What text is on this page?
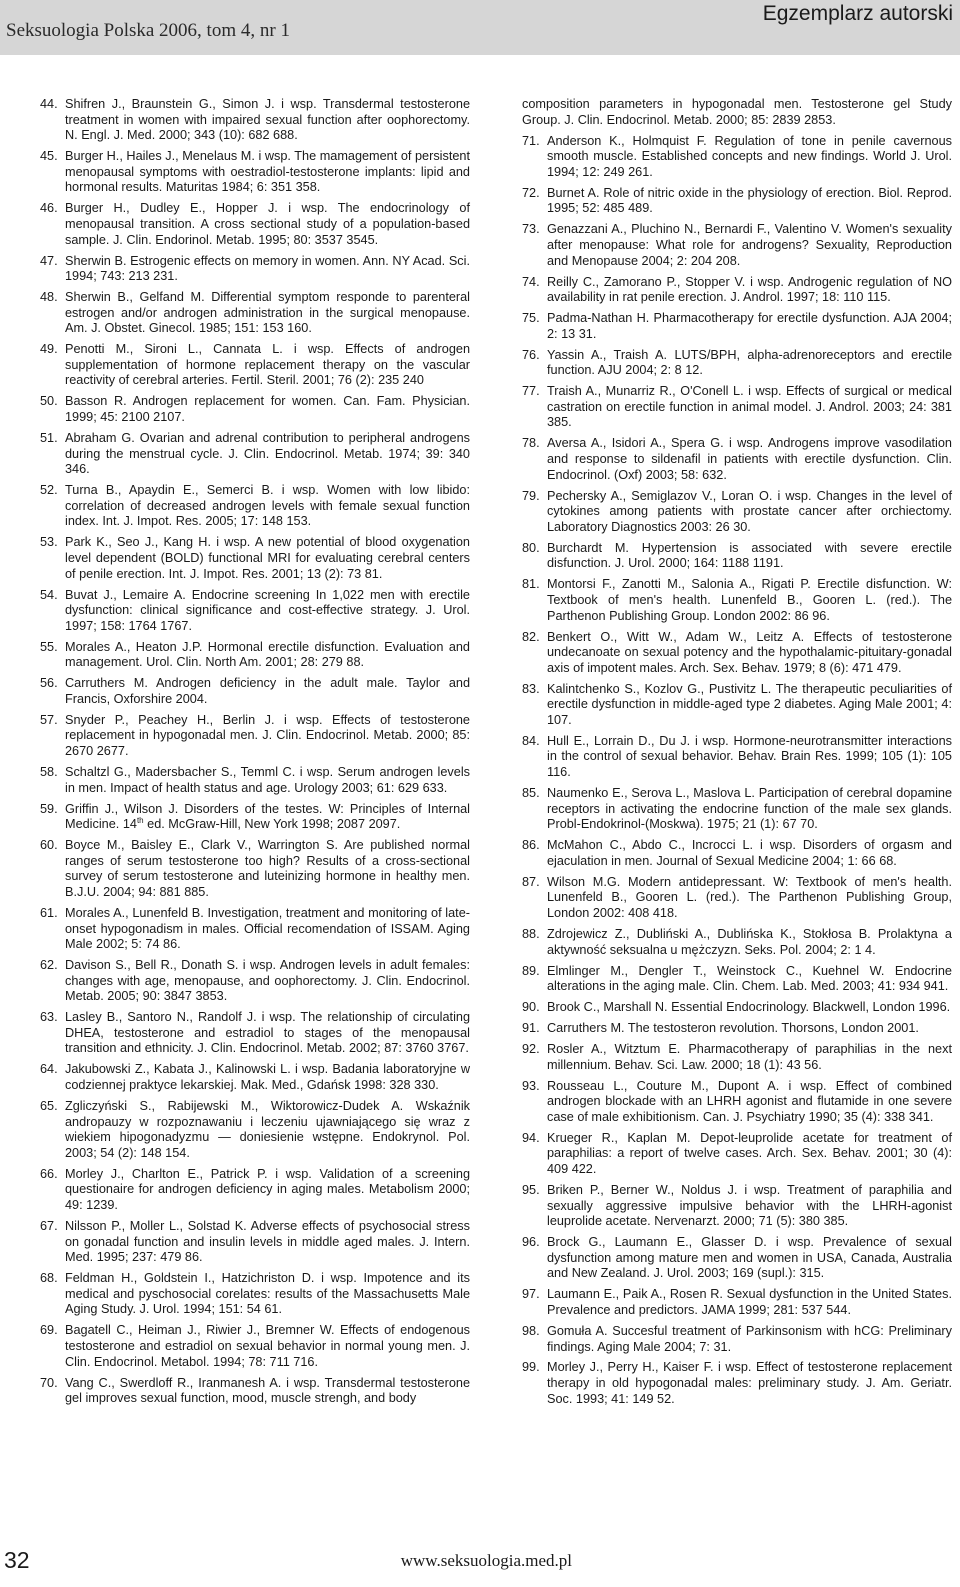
Seksuologia Polska 2006, tom 4, nr 1
Egzemplarz autorski
44. Shifren J., Braunstein G., Simon J. i wsp. Transdermal testosterone treatment in women with impaired sexual function after oophorectomy. N. Engl. J. Med. 2000; 343 (10): 682 688.
45. Burger H., Hailes J., Menelaus M. i wsp. The mamagement of persistent menopausal symptoms with oestradiol-testosterone implants: lipid and hormonal results. Maturitas 1984; 6: 351 358.
46. Burger H., Dudley E., Hopper J. i wsp. The endocrinology of menopausal transition. A cross sectional study of a population-based sample. J. Clin. Endorinol. Metab. 1995; 80: 3537 3545.
47. Sherwin B. Estrogenic effects on memory in women. Ann. NY Acad. Sci. 1994; 743: 213 231.
48. Sherwin B., Gelfand M. Differential symptom responde to parenteral estrogen and/or androgen administration in the surgical menopause. Am. J. Obstet. Ginecol. 1985; 151: 153 160.
49. Penotti M., Sironi L., Cannata L. i wsp. Effects of androgen supplementation of hormone replacement therapy on the vascular reactivity of cerebral arteries. Fertil. Steril. 2001; 76 (2): 235 240
50. Basson R. Androgen replacement for women. Can. Fam. Physician. 1999; 45: 2100 2107.
51. Abraham G. Ovarian and adrenal contribution to peripheral androgens during the menstrual cycle. J. Clin. Endocrinol. Metab. 1974; 39: 340 346.
52. Turna B., Apaydin E., Semerci B. i wsp. Women with low libido: correlation of decreased androgen levels with female sexual function index. Int. J. Impot. Res. 2005; 17: 148 153.
53. Park K., Seo J., Kang H. i wsp. A new potential of blood oxygenation level dependent (BOLD) functional MRI for evaluating cerebral centers of penile erection. Int. J. Impot. Res. 2001; 13 (2): 73 81.
54. Buvat J., Lemaire A. Endocrine screening In 1,022 men with erectile dysfunction: clinical significance and cost-effective strategy. J. Urol. 1997; 158: 1764 1767.
55. Morales A., Heaton J.P. Hormonal erectile disfunction. Evaluation and management. Urol. Clin. North Am. 2001; 28: 279 88.
56. Carruthers M. Androgen deficiency in the adult male. Taylor and Francis, Oxforshire 2004.
57. Snyder P., Peachey H., Berlin J. i wsp. Effects of testosterone replacement in hypogonadal men. J. Clin. Endocrinol. Metab. 2000; 85: 2670 2677.
58. Schaltzl G., Madersbacher S., Temml C. i wsp. Serum androgen levels in men. Impact of health status and age. Urology 2003; 61: 629 633.
59. Griffin J., Wilson J. Disorders of the testes. W: Principles of Internal Medicine. 14th ed. McGraw-Hill, New York 1998; 2087 2097.
60. Boyce M., Baisley E., Clark V., Warrington S. Are published normal ranges of serum testosterone too high? Results of a cross-sectional survey of serum testosterone and luteinizing hormone in healthy men. B.J.U. 2004; 94: 881 885.
61. Morales A., Lunenfeld B. Investigation, treatment and monitoring of late-onset hypogonadism in males. Official recomendation of ISSAM. Aging Male 2002; 5: 74 86.
62. Davison S., Bell R., Donath S. i wsp. Androgen levels in adult females: changes with age, menopause, and oophorectomy. J. Clin. Endocrinol. Metab. 2005; 90: 3847 3853.
63. Lasley B., Santoro N., Randolf J. i wsp. The relationship of circulating DHEA, testosterone and estradiol to stages of the menopausal transition and ethnicity. J. Clin. Endocrinol. Metab. 2002; 87: 3760 3767.
64. Jakubowski Z., Kabata J., Kalinowski L. i wsp. Badania laboratoryjne w codziennej praktyce lekarskiej. Mak. Med., Gdańsk 1998: 328 330.
65. Zgliczyński S., Rabijewski M., Wiktorowicz-Dudek A. Wskaźnik andropauzy w rozpoznawaniu i leczeniu ujawniającego się wraz z wiekiem hipogonadyzmu — doniesienie wstępne. Endokrynol. Pol. 2003; 54 (2): 148 154.
66. Morley J., Charlton E., Patrick P. i wsp. Validation of a screening questionaire for androgen deficiency in aging males. Metabolism 2000; 49: 1239.
67. Nilsson P., Moller L., Solstad K. Adverse effects of psychosocial stress on gonadal function and insulin levels in middle aged males. J. Intern. Med. 1995; 237: 479 86.
68. Feldman H., Goldstein I., Hatzichriston D. i wsp. Impotence and its medical and pyschosocial corelates: results of the Massachusetts Male Aging Study. J. Urol. 1994; 151: 54 61.
69. Bagatell C., Heiman J., Riwier J., Bremner W. Effects of endogenous testosterone and estradiol on sexual behavior in normal young men. J. Clin. Endocrinol. Metabol. 1994; 78: 711 716.
70. Vang C., Swerdloff R., Iranmanesh A. i wsp. Transdermal testosterone gel improves sexual function, mood, muscle strengh, and body
composition parameters in hypogonadal men. Testosterone gel Study Group. J. Clin. Endocrinol. Metab. 2000; 85: 2839 2853.
71. Anderson K., Holmquist F. Regulation of tone in penile cavernous smooth muscle. Established concepts and new findings. World J. Urol. 1994; 12: 249 261.
72. Burnet A. Role of nitric oxide in the physiology of erection. Biol. Reprod. 1995; 52: 485 489.
73. Genazzani A., Pluchino N., Bernardi F., Valentino V. Women's sexuality after menopause: What role for androgens? Sexuality, Reproduction and Menopause 2004; 2: 204 208.
74. Reilly C., Zamorano P., Stopper V. i wsp. Androgenic regulation of NO availability in rat penile erection. J. Androl. 1997; 18: 110 115.
75. Padma-Nathan H. Pharmacotherapy for erectile dysfunction. AJA 2004; 2: 13 31.
76. Yassin A., Traish A. LUTS/BPH, alpha-adrenoreceptors and erectile function. AJU 2004; 2: 8 12.
77. Traish A., Munarriz R., O'Conell L. i wsp. Effects of surgical or medical castration on erectile function in animal model. J. Androl. 2003; 24: 381 385.
78. Aversa A., Isidori A., Spera G. i wsp. Androgens improve vasodilation and response to sildenafil in patients with erectile dysfunction. Clin. Endocrinol. (Oxf) 2003; 58: 632.
79. Pechersky A., Semiglazov V., Loran O. i wsp. Changes in the level of cytokines among patients with prostate cancer after orchiectomy. Laboratory Diagnostics 2003: 26 30.
80. Burchardt M. Hypertension is associated with severe erectile disfunction. J. Urol. 2000; 164: 1188 1191.
81. Montorsi F., Zanotti M., Salonia A., Rigati P. Erectile disfunction. W: Textbook of men's health. Lunenfeld B., Gooren L. (red.). The Parthenon Publishing Group. London 2002: 86 96.
82. Benkert O., Witt W., Adam W., Leitz A. Effects of testosterone undecanoate on sexual potency and the hypothalamic-pituitary-gonadal axis of impotent males. Arch. Sex. Behav. 1979; 8 (6): 471 479.
83. Kalintchenko S., Kozlov G., Pustivitz L. The therapeutic peculiarities of erectile dysfunction in middle-aged type 2 diabetes. Aging Male 2001; 4: 107.
84. Hull E., Lorrain D., Du J. i wsp. Hormone-neurotransmitter interactions in the control of sexual behavior. Behav. Brain Res. 1999; 105 (1): 105 116.
85. Naumenko E., Serova L., Maslova L. Participation of cerebral dopamine receptors in activating the endocrine function of the male sex glands. Probl-Endokrinol-(Moskwa). 1975; 21 (1): 67 70.
86. McMahon C., Abdo C., Incrocci L. i wsp. Disorders of orgasm and ejaculation in men. Journal of Sexual Medicine 2004; 1: 66 68.
87. Wilson M.G. Modern antidepressant. W: Textbook of men's health. Lunenfeld B., Gooren L. (red.). The Parthenon Publishing Group, London 2002: 408 418.
88. Zdrojewicz Z., Dubliński A., Dublińska K., Stokłosa B. Prolaktyna a aktywność seksualna u mężczyzn. Seks. Pol. 2004; 2: 1 4.
89. Elmlinger M., Dengler T., Weinstock C., Kuehnel W. Endocrine alterations in the aging male. Clin. Chem. Lab. Med. 2003; 41: 934 941.
90. Brook C., Marshall N. Essential Endocrinology. Blackwell, London 1996.
91. Carruthers M. The testosteron revolution. Thorsons, London 2001.
92. Rosler A., Witztum E. Pharmacotherapy of paraphilias in the next millennium. Behav. Sci. Law. 2000; 18 (1): 43 56.
93. Rousseau L., Couture M., Dupont A. i wsp. Effect of combined androgen blockade with an LHRH agonist and flutamide in one severe case of male exhibitionism. Can. J. Psychiatry 1990; 35 (4): 338 341.
94. Krueger R., Kaplan M. Depot-leuprolide acetate for treatment of paraphilias: a report of twelve cases. Arch. Sex. Behav. 2001; 30 (4): 409 422.
95. Briken P., Berner W., Noldus J. i wsp. Treatment of paraphilia and sexually aggressive impulsive behavior with the LHRH-agonist leuprolide acetate. Nervenarzt. 2000; 71 (5): 380 385.
96. Brock G., Laumann E., Glasser D. i wsp. Prevalence of sexual dysfunction among mature men and women in USA, Canada, Australia and New Zealand. J. Urol. 2003; 169 (supl.): 315.
97. Laumann E., Paik A., Rosen R. Sexual dysfunction in the United States. Prevalence and predictors. JAMA 1999; 281: 537 544.
98. Gomuła A. Succesful treatment of Parkinsonism with hCG: Preliminary findings. Aging Male 2004; 7: 31.
99. Morley J., Perry H., Kaiser F. i wsp. Effect of testosterone replacement therapy in old hypogonadal males: preliminary study. J. Am. Geriatr. Soc. 1993; 41: 149 52.
32	www.seksuologia.med.pl
